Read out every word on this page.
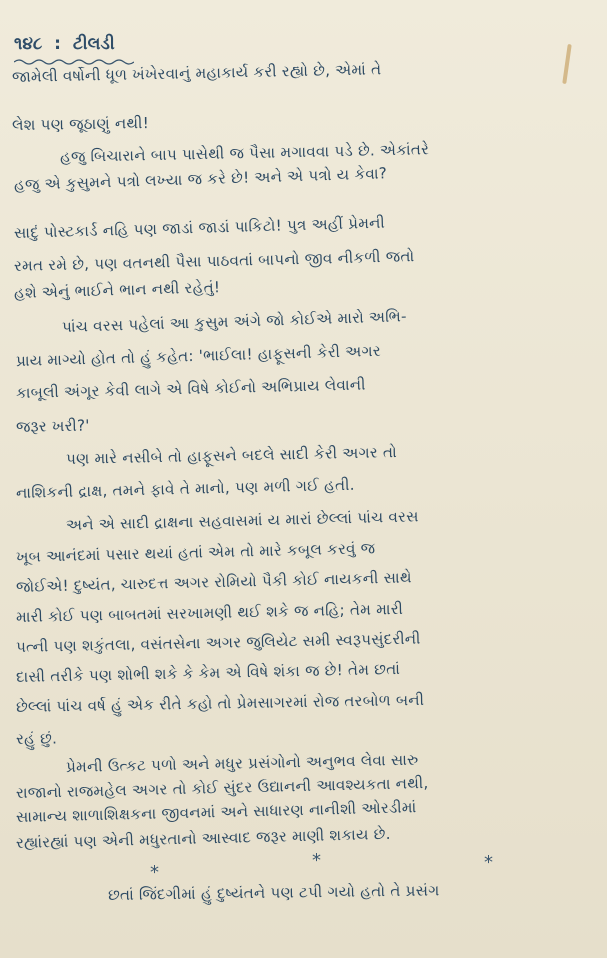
૧૪૮ : ટીલડી
જામેલી વર્ષોની ધૂળ ખંખેરવાનું મહાકાર્ય કરી રહ્યો છે, એમાં તે
લેશ પણ જૂઠાણું નથી!
હજુ બિચારાને બાપ પાસેથી જ પૈસા મગાવવા પડે છે. એકાંતરે
હજુ એ કુસુમને પત્રો લખ્યા જ કરે છે! અને એ પત્રો ય કેવા?
સાદું પોસ્ટકાર્ડ નહિ પણ જાડાં જાડાં પાકિટો! પુત્ર અહીં પ્રેમની
રમત રમે છે, પણ વતનથી પૈસા પાઠવતાં બાપનો જીવ નીકળી જતો
હશે એનું ભાઈને ભાન નથી રહેતું!
પાંચ વરસ પહેલાં આ કુસુમ અંગે જો કોઈએ મારો અભિ-
પ્રાય માગ્યો હોત તો હું કહેત: 'ભાઈલા! હાફૂસની કેરી અગર
કાબૂલી અંગૂર કેવી લાગે એ વિષે કોઈનો અભિપ્રાય લેવાની
જરૂર ખરી?'
પણ મારે નસીબે તો હાફૂસને બદલે સાદી કેરી અગર તો
નાશિકની દ્રાક્ષ, તમને ફાવે તે માનો, પણ મળી ગઈ હતી.
અને એ સાદી દ્રાક્ષના સહવાસમાં ય મારાં છેલ્લાં પાંચ વરસ
ખૂબ આનંદમાં પસાર થયાં હતાં એમ તો મારે કબૂલ કરવું જ
જોઈએ! દુષ્યંત, ચારુદત્ત અગર રોમિયો પૈકી કોઈ નાયકની સાથે
મારી કોઈ પણ બાબતમાં સરખામણી થઈ શકે જ નહિ; તેમ મારી
પત્ની પણ શકુંતલા, વસંતસેના અગર જુલિયેટ સમી સ્વરૂપસુંદરીની
દાસી તરીકે પણ શોભી શકે કે કેમ એ વિષે શંકા જ છે! તેમ છતાં
છેલ્લાં પાંચ વર્ષ હું એક રીતે કહો તો પ્રેમસાગરમાં રોજ તરબોળ બની
રહું છું.
પ્રેમની ઉત્કટ પળો અને મધુર પ્રસંગોનો અનુભવ લેવા સારુ
રાજાનો રાજમહેલ અગર તો કોઈ સુંદર ઉદ્યાનની આવશ્યકતા નથી,
સામાન્ય શાળાશિક્ષકના જીવનમાં અને સાધારણ નાનીશી ઓરડીમાં
રહ્યાંરહ્યાં પણ એની મધુરતાનો આસ્વાદ જરૂર માણી શકાય છે.
*
*	*
છતાં જિંદગીમાં હું દુષ્યંતને પણ ટપી ગયો હતો તે પ્રસંગ
